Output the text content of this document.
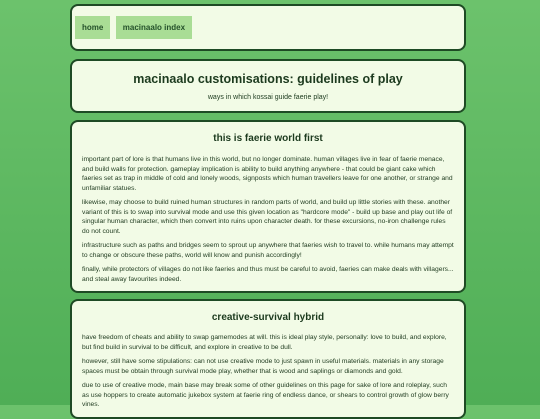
home macinaalo index
macinaalo customisations: guidelines of play

ways in which kossai guide faerie play!

this is faerie world first

important part of lore is that humans live in this world, but no longer dominate. human villages live in fear of faerie menace, and build walls for protection. gameplay implication is ability to build anything anywhere - that could be giant cake which faeries set as trap in middle of cold and lonely woods, signposts which human travellers leave for one another, or strange and unfamiliar statues.

likewise, may choose to build ruined human structures in random parts of world, and build up little stories with these. another variant of this is to swap into survival mode and use this given location as "hardcore mode" - build up base and play out life of singular human character, which then convert into ruins upon character death. for these excursions, no-iron challenge rules do not count.

infrastructure such as paths and bridges seem to sprout up anywhere that faeries wish to travel to. while humans may attempt to change or obscure these paths, world will know and punish accordingly!

finally, while protectors of villages do not like faeries and thus must be careful to avoid, faeries can make deals with villagers... and steal away favourites indeed.

creative-survival hybrid

have freedom of cheats and ability to swap gamemodes at will. this is ideal play style, personally: love to build, and explore, but find build in survival to be difficult, and explore in creative to be dull.

however, still have some stipulations: can not use creative mode to just spawn in useful materials. materials in any storage spaces must be obtain through survival mode play, whether that is wood and saplings or diamonds and gold.

due to use of creative mode, main base may break some of other guidelines on this page for sake of lore and roleplay, such as use hoppers to create automatic jukebox system at faerie ring of endless dance, or shears to control growth of glow berry vines.
